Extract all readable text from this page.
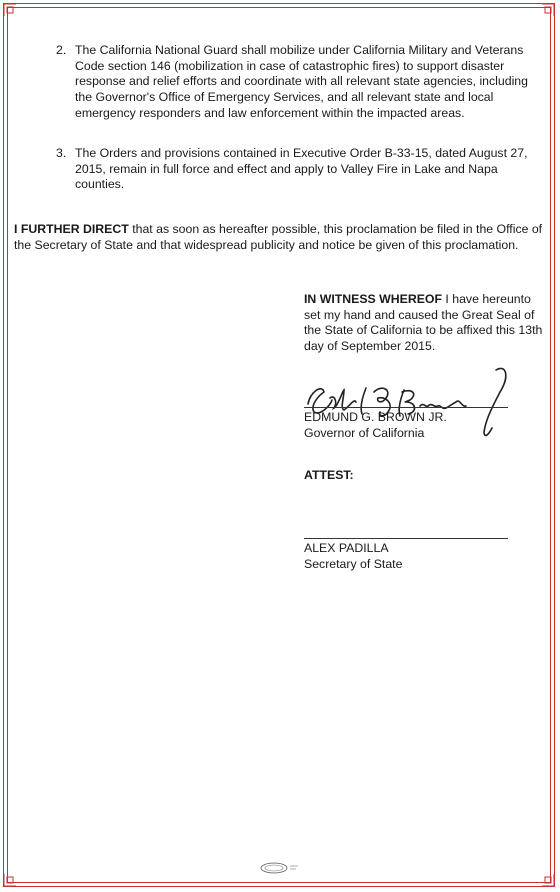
2. The California National Guard shall mobilize under California Military and Veterans Code section 146 (mobilization in case of catastrophic fires) to support disaster response and relief efforts and coordinate with all relevant state agencies, including the Governor's Office of Emergency Services, and all relevant state and local emergency responders and law enforcement within the impacted areas.
3. The Orders and provisions contained in Executive Order B-33-15, dated August 27, 2015, remain in full force and effect and apply to Valley Fire in Lake and Napa counties.
I FURTHER DIRECT that as soon as hereafter possible, this proclamation be filed in the Office of the Secretary of State and that widespread publicity and notice be given of this proclamation.
IN WITNESS WHEREOF I have hereunto set my hand and caused the Great Seal of the State of California to be affixed this 13th day of September 2015.
EDMUND G. BROWN JR.
Governor of California
ATTEST:
ALEX PADILLA
Secretary of State
